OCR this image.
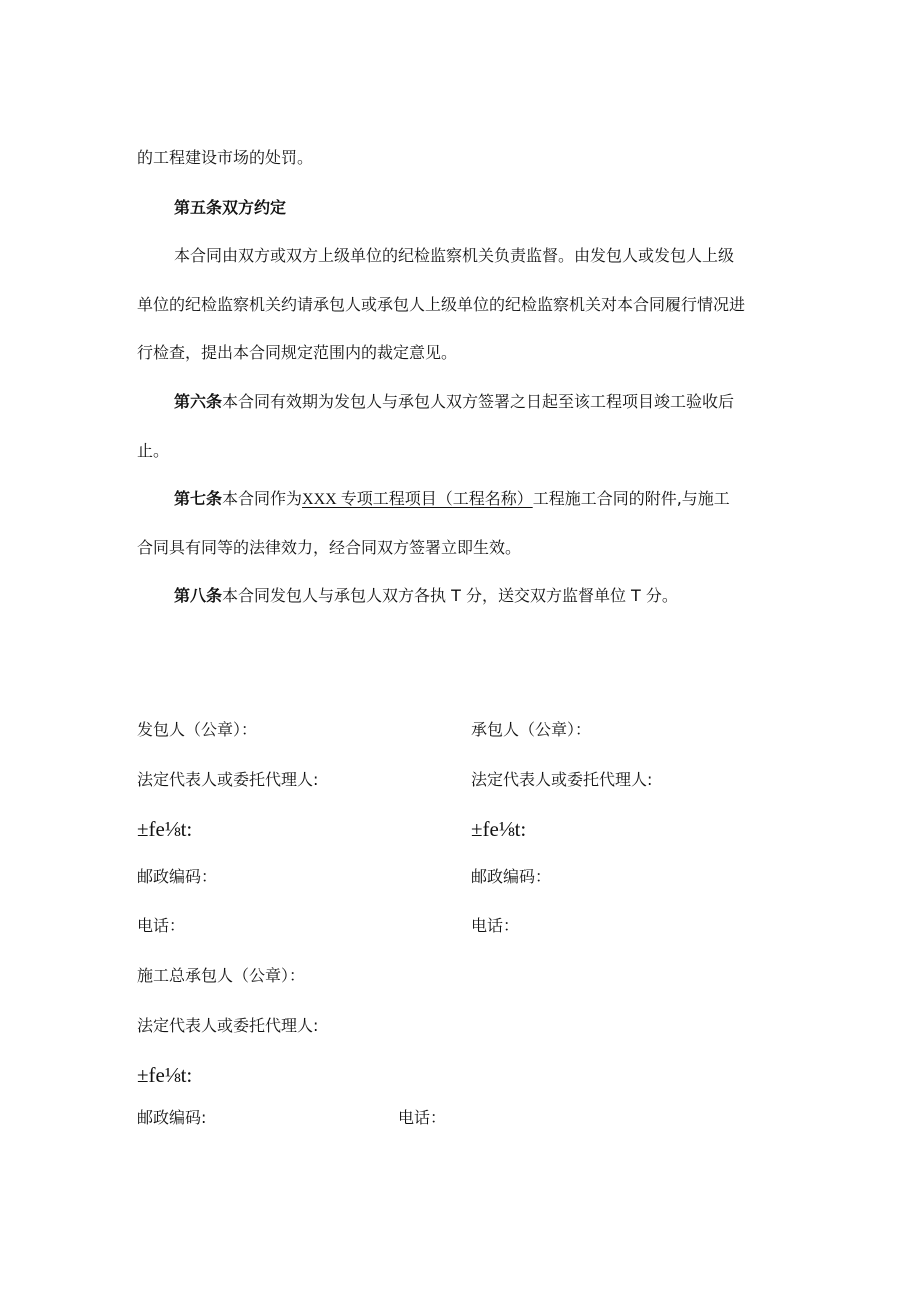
的工程建设市场的处罚。
第五条双方约定
本合同由双方或双方上级单位的纪检监察机关负责监督。由发包人或发包人上级
单位的纪检监察机关约请承包人或承包人上级单位的纪检监察机关对本合同履行情况进
行检查，提出本合同规定范围内的裁定意见。
第六条本合同有效期为发包人与承包人双方签署之日起至该工程项目竣工验收后
止。
第七条本合同作为XXX 专项工程项目（工程名称）工程施工合同的附件,与施工
合同具有同等的法律效力，经合同双方签署立即生效。
第八条本合同发包人与承包人双方各执 T 分，送交双方监督单位 T 分。
发包人（公章）：
法定代表人或委托代理人:
±fe⅛t:
邮政编码：
电话：
承包人（公章）：
法定代表人或委托代理人:
±fe⅛t:
邮政编码：
电话：
施工总承包人（公章）：
法定代表人或委托代理人:
±fe⅛t:
邮政编码:	电话：
